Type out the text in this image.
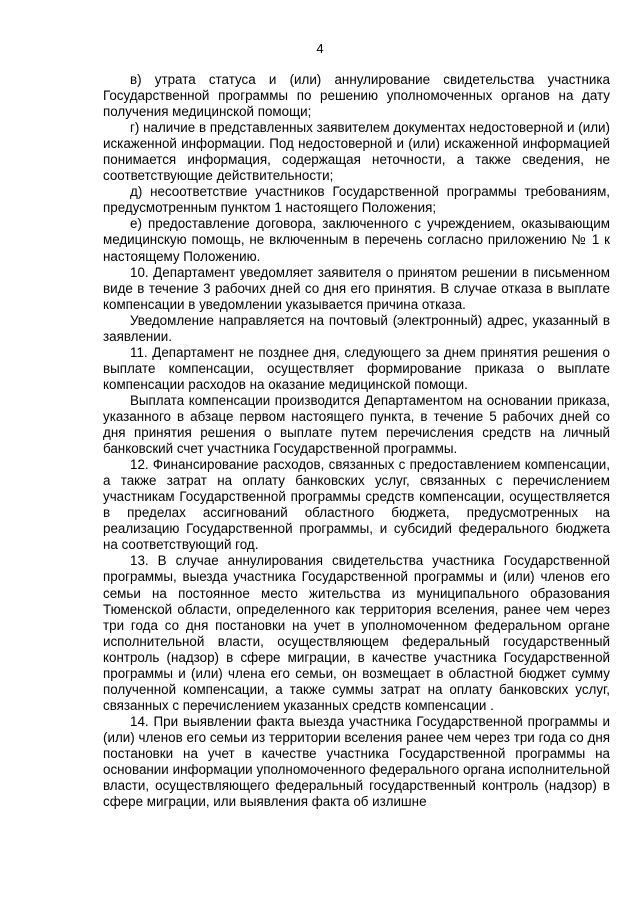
4

в) утрата статуса и (или) аннулирование свидетельства участника Государственной программы по решению уполномоченных органов на дату получения медицинской помощи;

г) наличие в представленных заявителем документах недостоверной и (или) искаженной информации. Под недостоверной и (или) искаженной информацией понимается информация, содержащая неточности, а также сведения, не соответствующие действительности;

д) несоответствие участников Государственной программы требованиям, предусмотренным пунктом 1 настоящего Положения;

е) предоставление договора, заключенного с учреждением, оказывающим медицинскую помощь, не включенным в перечень согласно приложению № 1 к настоящему Положению.

10. Департамент уведомляет заявителя о принятом решении в письменном виде в течение 3 рабочих дней со дня его принятия. В случае отказа в выплате компенсации в уведомлении указывается причина отказа.

Уведомление направляется на почтовый (электронный) адрес, указанный в заявлении.

11. Департамент не позднее дня, следующего за днем принятия решения о выплате компенсации, осуществляет формирование приказа о выплате компенсации расходов на оказание медицинской помощи.

Выплата компенсации производится Департаментом на основании приказа, указанного в абзаце первом настоящего пункта, в течение 5 рабочих дней со дня принятия решения о выплате путем перечисления средств на личный банковский счет участника Государственной программы.

12. Финансирование расходов, связанных с предоставлением компенсации, а также затрат на оплату банковских услуг, связанных с перечислением участникам Государственной программы средств компенсации, осуществляется в пределах ассигнований областного бюджета, предусмотренных на реализацию Государственной программы, и субсидий федерального бюджета на соответствующий год.

13. В случае аннулирования свидетельства участника Государственной программы, выезда участника Государственной программы и (или) членов его семьи на постоянное место жительства из муниципального образования Тюменской области, определенного как территория вселения, ранее чем через три года со дня постановки на учет в уполномоченном федеральном органе исполнительной власти, осуществляющем федеральный государственный контроль (надзор) в сфере миграции, в качестве участника Государственной программы и (или) члена его семьи, он возмещает в областной бюджет сумму полученной компенсации, а также суммы затрат на оплату банковских услуг, связанных с перечислением указанных средств компенсации .

14. При выявлении факта выезда участника Государственной программы и (или) членов его семьи из территории вселения ранее чем через три года со дня постановки на учет в качестве участника Государственной программы на основании информации уполномоченного федерального органа исполнительной власти, осуществляющего федеральный государственный контроль (надзор) в сфере миграции, или выявления факта об излишне
